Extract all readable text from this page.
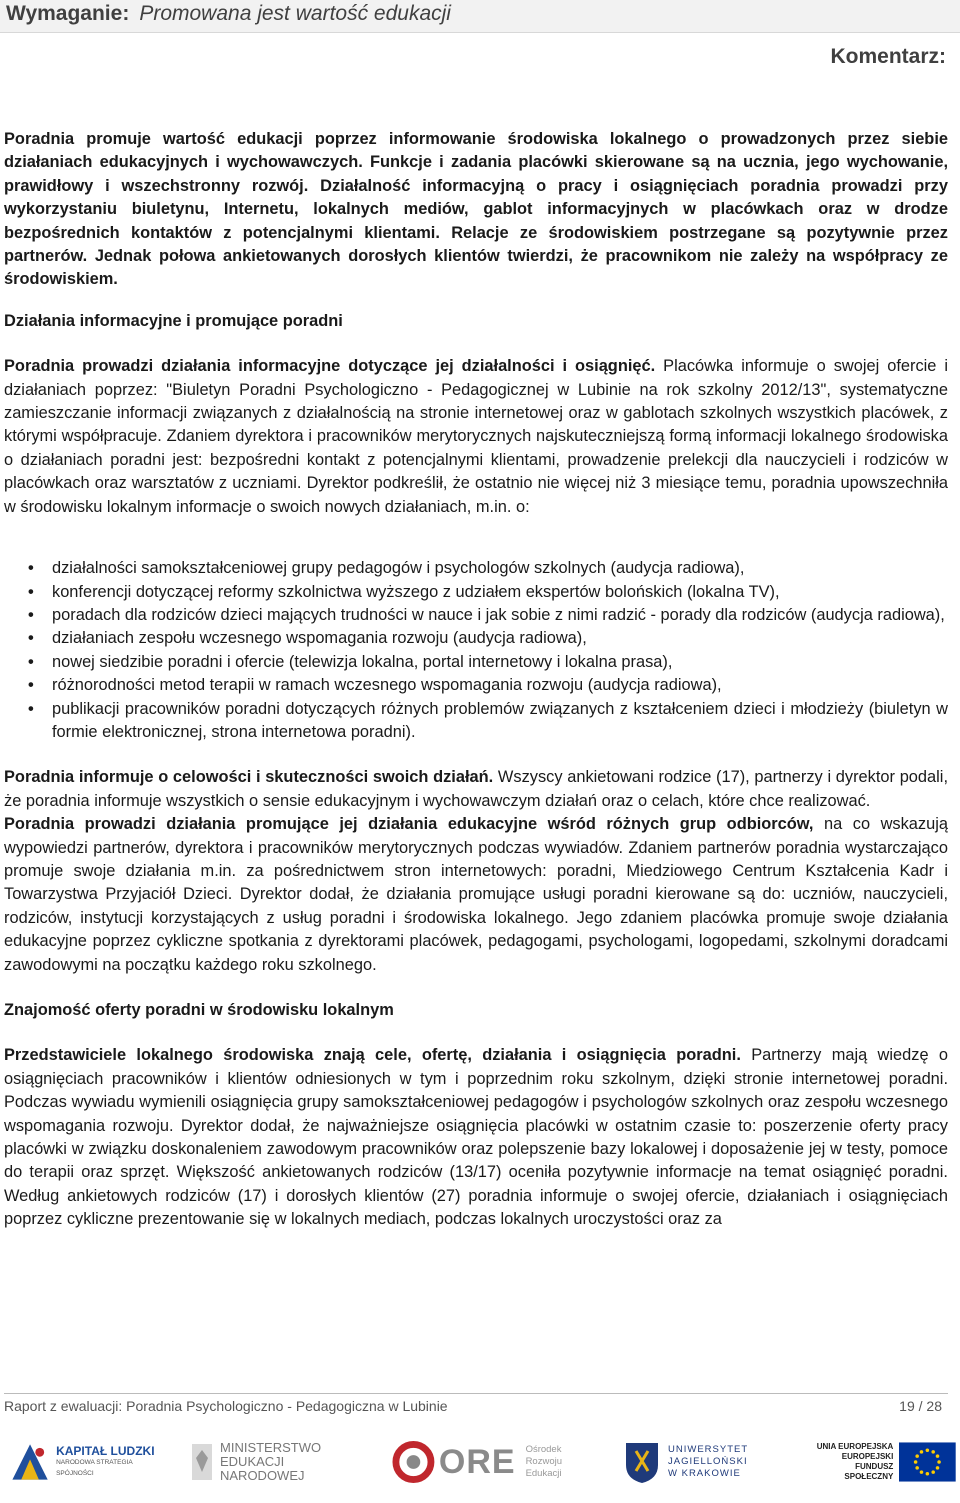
Wymaganie: Promowana jest wartość edukacji
Komentarz:

Poradnia promuje wartość edukacji poprzez informowanie środowiska lokalnego o prowadzonych przez siebie działaniach edukacyjnych i wychowawczych. Funkcje i zadania placówki skierowane są na ucznia, jego wychowanie, prawidłowy i wszechstronny rozwój. Działalność informacyjną o pracy i osiągnięciach poradnia prowadzi przy wykorzystaniu biuletynu, Internetu, lokalnych mediów, gablot informacyjnych w placówkach oraz w drodze bezpośrednich kontaktów z potencjalnymi klientami. Relacje ze środowiskiem postrzegane są pozytywnie przez partnerów. Jednak połowa ankietowanych dorosłych klientów twierdzi, że pracownikom nie zależy na współpracy ze środowiskiem.

Działania informacyjne i promujące poradni

Poradnia prowadzi działania informacyjne dotyczące jej działalności i osiągnięć. Placówka informuje o swojej ofercie i działaniach poprzez: "Biuletyn Poradni Psychologiczno - Pedagogicznej w Lubinie na rok szkolny 2012/13", systematyczne zamieszczanie informacji związanych z działalnością na stronie internetowej oraz w gablotach szkolnych wszystkich placówek, z którymi współpracuje. Zdaniem dyrektora i pracowników merytorycznych najskuteczniejszą formą informacji lokalnego środowiska o działaniach poradni jest: bezpośredni kontakt z potencjalnymi klientami, prowadzenie prelekcji dla nauczycieli i rodziców w placówkach oraz warsztatów z uczniami. Dyrektor podkreślił, że ostatnio nie więcej niż 3 miesiące temu, poradnia upowszechniła w środowisku lokalnym informacje o swoich nowych działaniach, m.in. o:

• działalności samokształceniowej grupy pedagogów i psychologów szkolnych (audycja radiowa),
• konferencji dotyczącej reformy szkolnictwa wyższego z udziałem ekspertów bolońskich (lokalna TV),
• poradach dla rodziców dzieci mających trudności w nauce i jak sobie z nimi radzić - porady dla rodziców (audycja radiowa),
• działaniach zespołu wczesnego wspomagania rozwoju (audycja radiowa),
• nowej siedzibie poradni i ofercie (telewizja lokalna, portal internetowy i lokalna prasa),
• różnorodności metod terapii w ramach wczesnego wspomagania rozwoju (audycja radiowa),
• publikacji pracowników poradni dotyczących różnych problemów związanych z kształceniem dzieci i młodzieży (biuletyn w formie elektronicznej, strona internetowa poradni).

Poradnia informuje o celowości i skuteczności swoich działań. Wszyscy ankietowani rodzice (17), partnerzy i dyrektor podali, że poradnia informuje wszystkich o sensie edukacyjnym i wychowawczym działań oraz o celach, które chce realizować.

Poradnia prowadzi działania promujące jej działania edukacyjne wśród różnych grup odbiorców, na co wskazują wypowiedzi partnerów, dyrektora i pracowników merytorycznych podczas wywiadów. Zdaniem partnerów poradnia wystarczająco promuje swoje działania m.in. za pośrednictwem stron internetowych: poradni, Miedziowego Centrum Kształcenia Kadr i Towarzystwa Przyjaciół Dzieci. Dyrektor dodał, że działania promujące usługi poradni kierowane są do: uczniów, nauczycieli, rodziców, instytucji korzystających z usług poradni i środowiska lokalnego. Jego zdaniem placówka promuje swoje działania edukacyjne poprzez cykliczne spotkania z dyrektorami placówek, pedagogami, psychologami, logopedami, szkolnymi doradcami zawodowymi na początku każdego roku szkolnego.

Znajomość oferty poradni w środowisku lokalnym

Przedstawiciele lokalnego środowiska znają cele, ofertę, działania i osiągnięcia poradni. Partnerzy mają wiedzę o osiągnięciach pracowników i klientów odniesionych w tym i poprzednim roku szkolnym, dzięki stronie internetowej poradni. Podczas wywiadu wymienili osiągnięcia grupy samokształceniowej pedagogów i psychologów szkolnych oraz zespołu wczesnego wspomagania rozwoju. Dyrektor dodał, że najważniejsze osiągnięcia placówki w ostatnim czasie to: poszerzenie oferty pracy placówki w związku doskonaleniem zawodowym pracowników oraz polepszenie bazy lokalowej i doposażenie jej w testy, pomoce do terapii oraz sprzęt. Większość ankietowanych rodziców (13/17) oceniła pozytywnie informacje na temat osiągnięć poradni. Według ankietowych rodziców (17) i dorosłych klientów (27) poradnia informuje o swojej ofercie, działaniach i osiągnięciach poprzez cykliczne prezentowanie się w lokalnych mediach, podczas lokalnych uroczystości oraz za

Raport z ewaluacji: Poradnia Psychologiczno - Pedagogiczna w Lubinie	19 / 28
KAPITAŁ LUDZKI
NARODOWA STRATEGIA SPÓJNOŚCI
MINISTERSTWO
EDUKACJI
NARODOWEJ	ORE Ośrodek
Rozwoju
Edukacji
UNIWERSYTET
JAGIELLOŃSKI
W KRAKOWIE
UNIA EUROPEJSKA
EUROPEJSKI
FUNDUSZ SPOŁECZNY
